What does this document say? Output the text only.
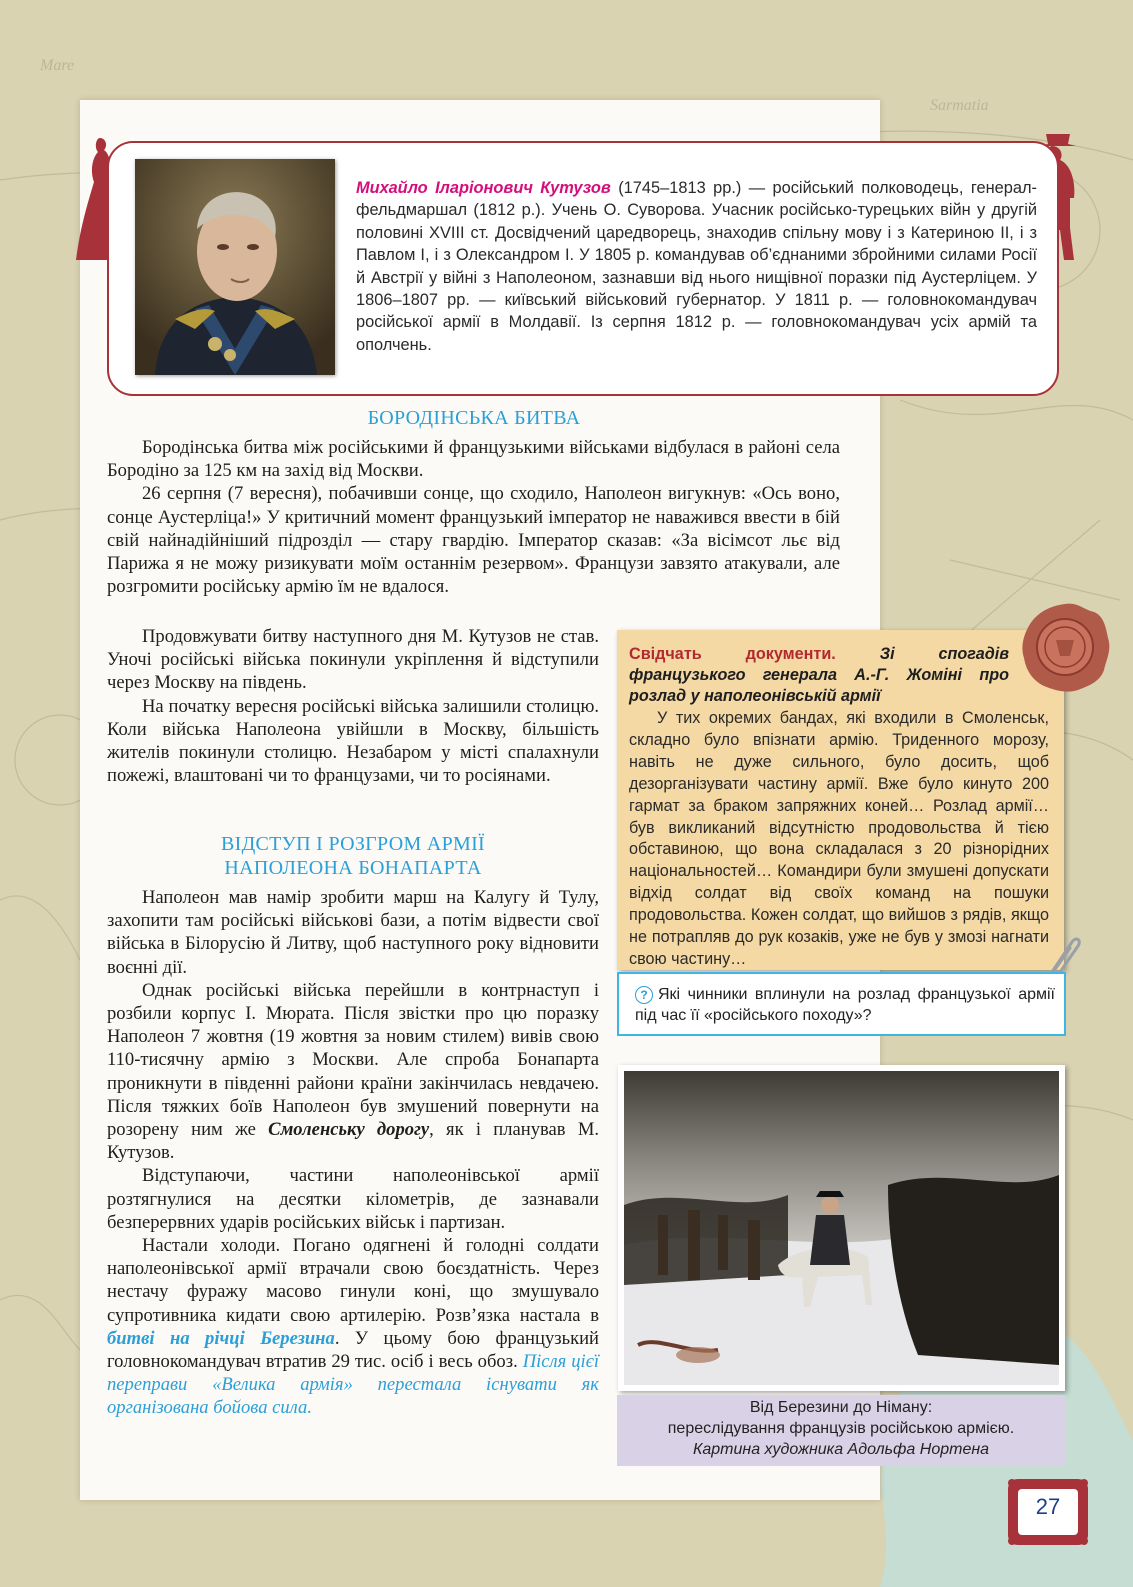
Mare
Sarmatia
Михайло Іларіонович Кутузов (1745–1813 рр.) — російський полководець, генерал-фельдмаршал (1812 р.). Учень О. Суворова. Учасник російсько-турецьких війн у другій половині XVIII ст. Досвідчений царедворець, знаходив спільну мову і з Катериною II, і з Павлом I, і з Олександром I. У 1805 р. командував об’єднаними збройними силами Росії й Австрії у війні з Наполеоном, зазнавши від нього нищівної поразки під Аустерліцем. У 1806–1807 рр. — київський військовий губернатор. У 1811 р. — головнокомандувач російської армії в Молдавії. Із серпня 1812 р. — головнокомандувач усіх армій та ополчень.
БОРОДІНСЬКА БИТВА

Бородінська битва між російськими й французькими військами відбулася в районі села Бородіно за 125 км на захід від Москви.

26 серпня (7 вересня), побачивши сонце, що сходило, Наполеон вигукнув: «Ось воно, сонце Аустерліца!» У критичний момент французький імператор не наважився ввести в бій свій найнадійніший підрозділ — стару гвардію. Імператор сказав: «За вісімсот льє від Парижа я не можу ризикувати моїм останнім резервом». Французи завзято атакували, але розгромити російську армію їм не вдалося.

Продовжувати битву наступного дня М. Кутузов не став. Уночі російські війська покинули укріплення й відступили через Москву на південь.

На початку вересня російські війська залишили столицю. Коли війська Наполеона увійшли в Москву, більшість жителів покинули столицю. Незабаром у місті спалахнули пожежі, влаштовані чи то французами, чи то росіянами.

ВІДСТУП І РОЗГРОМ АРМІЇ
НАПОЛЕОНА БОНАПАРТА

Наполеон мав намір зробити марш на Калугу й Тулу, захопити там російські військові бази, а потім відвести свої війська в Білорусію й Литву, щоб наступного року відновити воєнні дії.

Однак російські війська перейшли в контрнаступ і розбили корпус І. Мюрата. Після звістки про цю поразку Наполеон 7 жовтня (19 жовтня за новим стилем) вивів свою 110-тисячну армію з Москви. Але спроба Бонапарта проникнути в південні райони країни закінчилась невдачею. Після тяжких боїв Наполеон був змушений повернути на розорену ним же Смоленську дорогу, як і планував М. Кутузов.

Відступаючи, частини наполеонівської армії розтягнулися на десятки кілометрів, де зазнавали безперервних ударів російських військ і партизан.

Настали холоди. Погано одягнені й голодні солдати наполеонівської армії втрачали свою боєздатність. Через нестачу фуражу масово гинули коні, що змушувало супротивника кидати свою артилерію. Розв’язка настала в битві на річці Березина. У цьому бою французький головнокомандувач втратив 29 тис. осіб і весь обоз. Після цієї переправи «Велика армія» перестала існувати як організована бойова сила.

Свідчать документи.	Зі спогадів французького генерала А.-Г. Жоміні про розлад у наполеонівській армії

У тих окремих бандах, які входили в Смоленськ, складно було впізнати армію. Триденного морозу, навіть не дуже сильного, було досить, щоб дезорганізувати частину армії. Вже було кинуто 200 гармат за браком запряжних коней… Розлад армії… був викликаний відсутністю продовольства й тією обставиною, що вона складалася з 20 різнорідних національностей… Командири були змушені допускати відхід солдат від своїх команд на пошуки продовольства. Кожен солдат, що вийшов з рядів, якщо не потрапляв до рук козаків, уже не був у змозі нагнати свою частину…

? Які чинники вплинули на розлад французької армії під час її «російського походу»?
Від Березини до Німану:
переслідування французів російською армією.
Картина художника Адольфа Нортена
27
